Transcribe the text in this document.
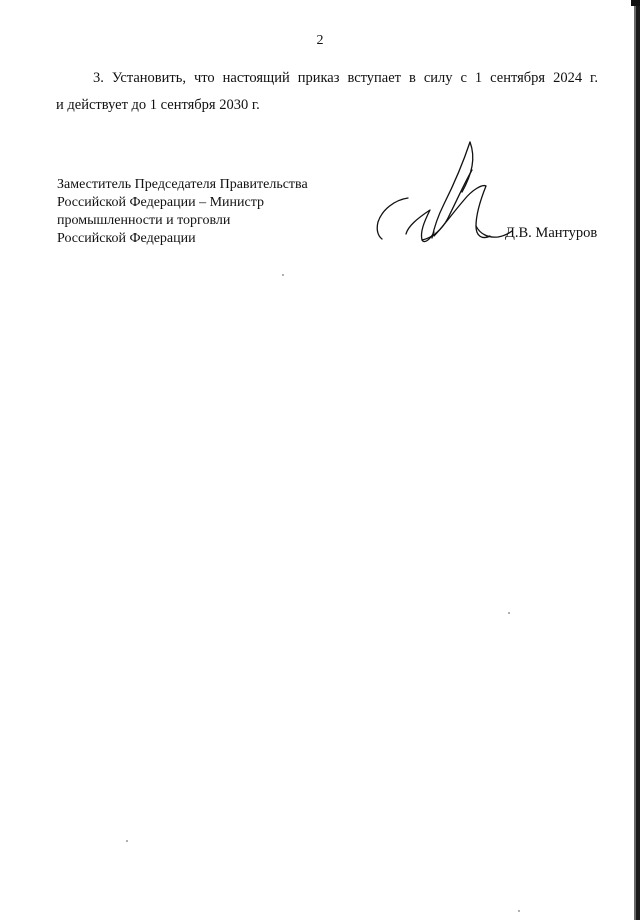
2
3. Установить, что настоящий приказ вступает в силу с 1 сентября 2024 г.
и действует до 1 сентября 2030 г.
Заместитель Председателя Правительства
Российской Федерации – Министр
промышленности и торговли
Российской Федерации	Д.В. Мантуров
